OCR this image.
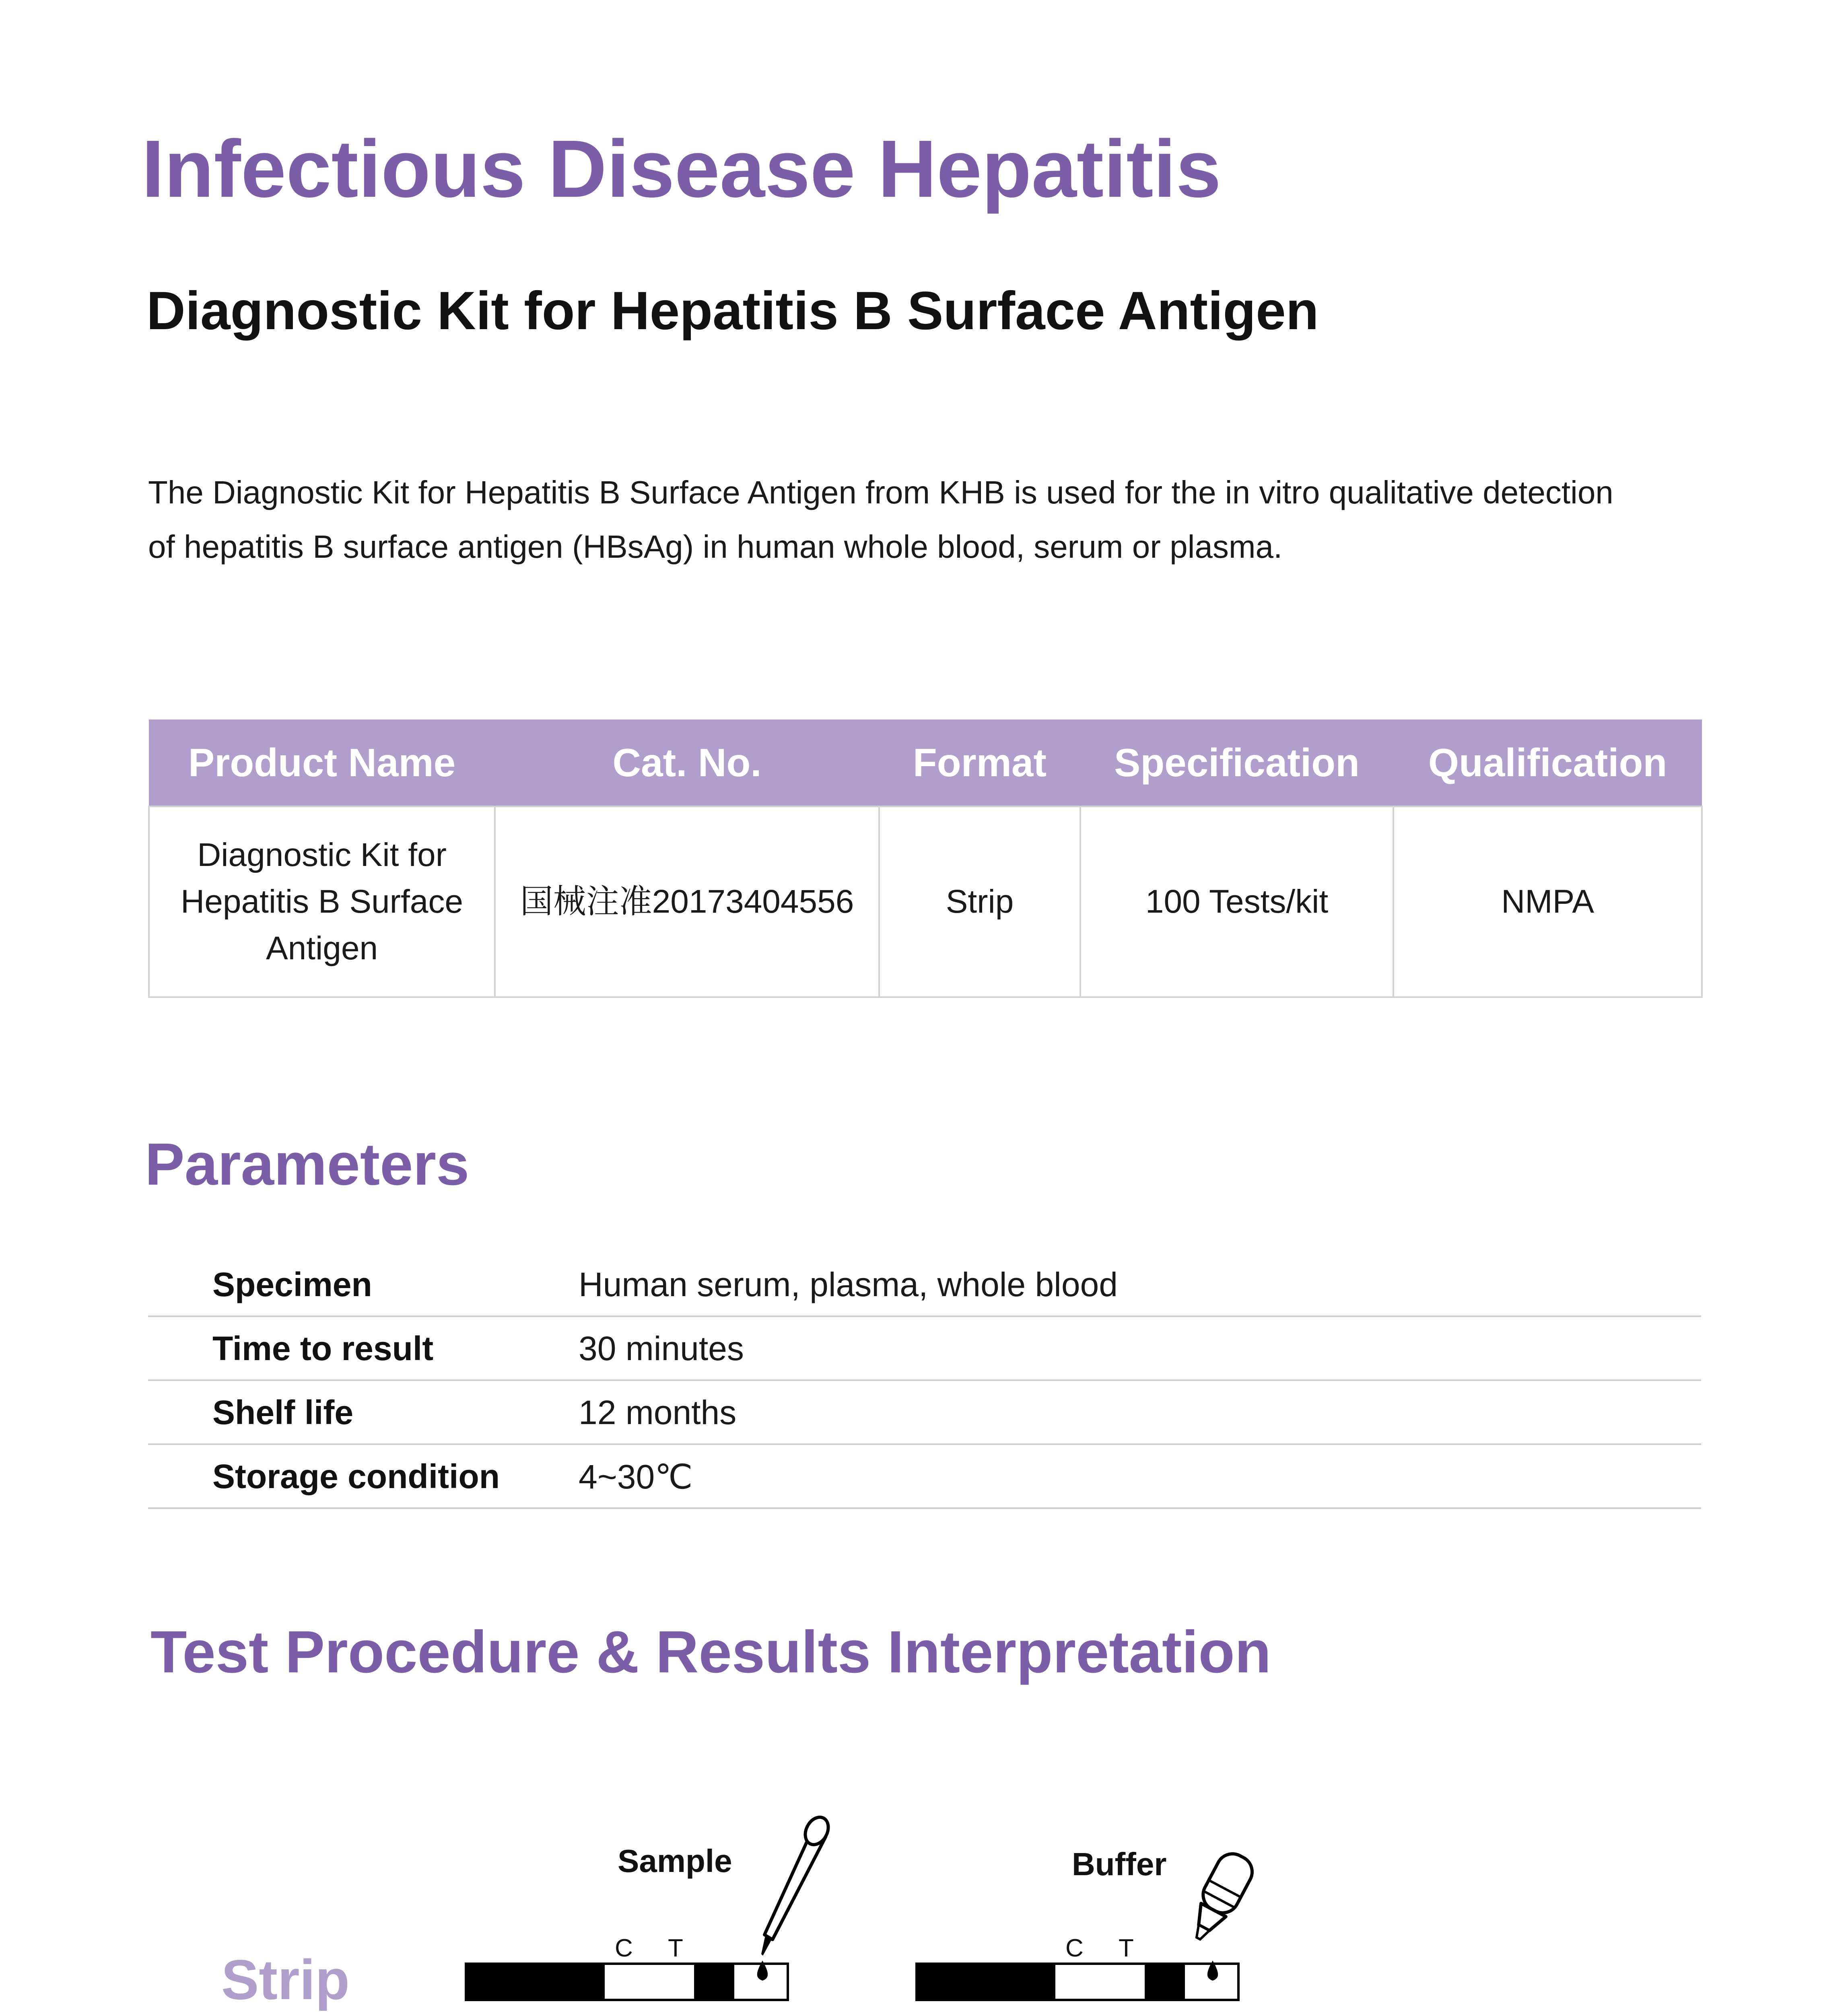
Infectious Disease Hepatitis
Diagnostic Kit for Hepatitis B Surface Antigen
The Diagnostic Kit for Hepatitis B Surface Antigen from KHB is used for the in vitro qualitative detection
of hepatitis B surface antigen (HBsAg) in human whole blood, serum or plasma.
Product Name	Cat. No.	Format	Specification	Qualification

Diagnostic Kit for
Hepatitis B Surface
Antigen	国械注准20173404556	Strip	100 Tests/kit	NMPA
Parameters
Specimen	Human serum, plasma, whole blood
Time to result	30 minutes
Shelf life	12 months
Storage condition 4~30℃
Test Procedure & Results Interpretation
Strip
Sample
C T
Buffer
C T
